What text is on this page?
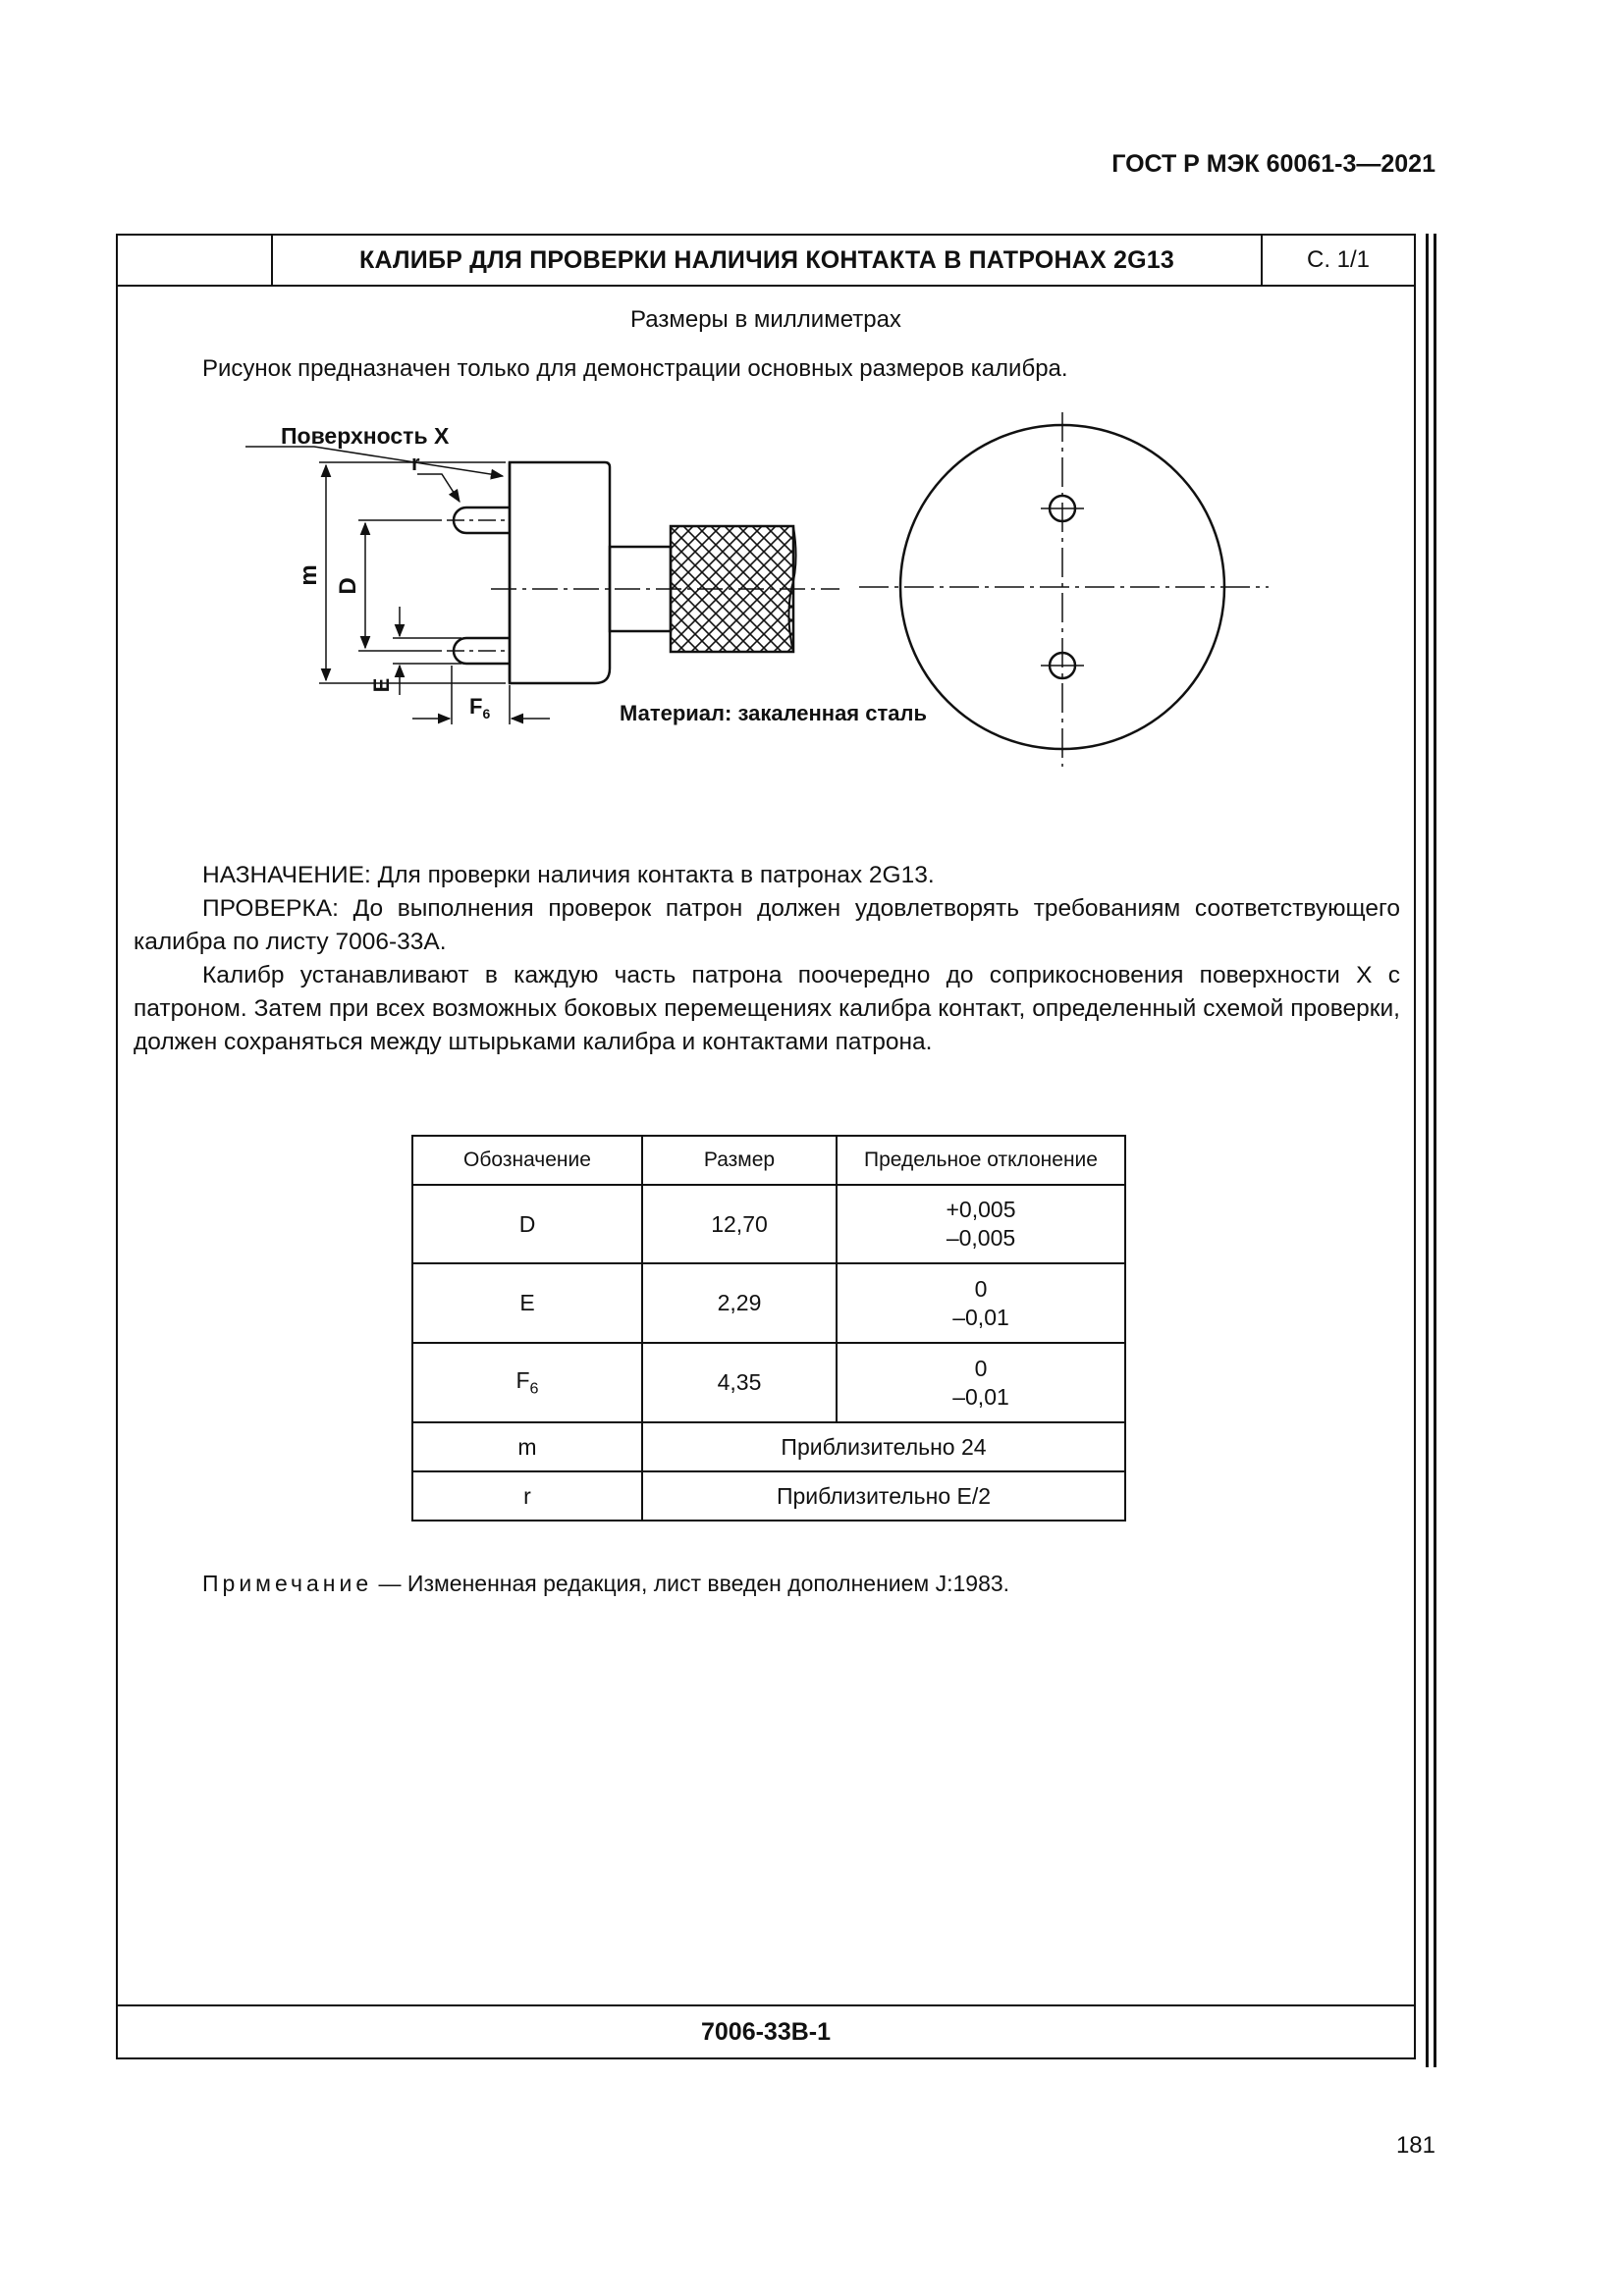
ГОСТ Р МЭК 60061-3—2021
КАЛИБР ДЛЯ ПРОВЕРКИ НАЛИЧИЯ КОНТАКТА В ПАТРОНАХ 2G13	С. 1/1
Размеры в миллиметрах
Рисунок предназначен только для демонстрации основных размеров калибра.
Поверхность X
r
m
D
E
$F_6$	Материал: закаленная сталь

НАЗНАЧЕНИЕ: Для проверки наличия контакта в патронах 2G13.

ПРОВЕРКА: До выполнения проверок патрон должен удовлетворять требованиям соответствующего калибра по листу 7006-33А.

Калибр устанавливают в каждую часть патрона поочередно до соприкосновения поверхности X с патроном. Затем при всех возможных боковых перемещениях калибра контакт, определенный схемой проверки, должен сохраняться между штырьками калибра и контактами патрона.

Обозначение	Размер	Предельное отклонение
D	12,70	+0,005
–0,005

E	2,29	0
–0,01

$F_6$	4,35	0
–0,01

m	Приблизительно 24	
r	Приблизительно E/2	
Примечание — Измененная редакция, лист введен дополнением J:1983.
7006-33В-1
181
